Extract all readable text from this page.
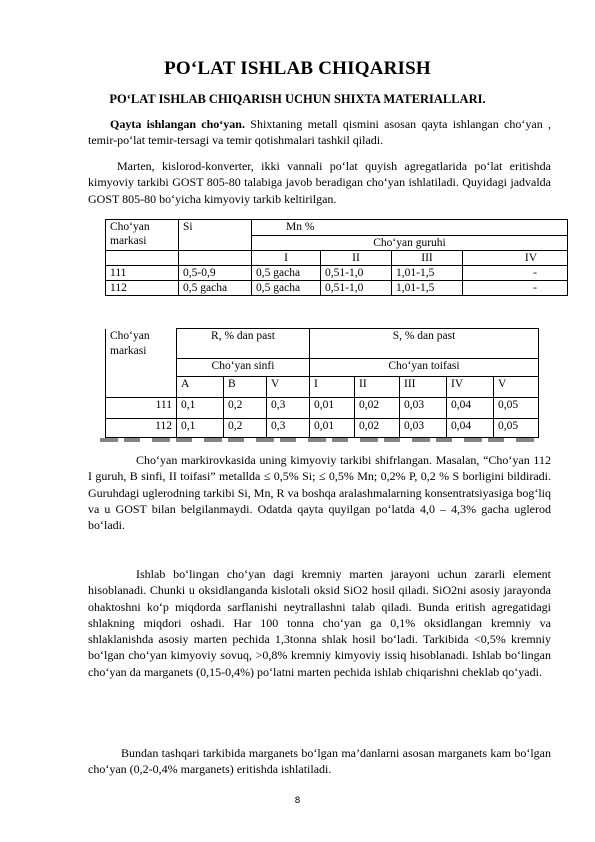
PO‘LAT ISHLAB CHIQARISH
PO‘LAT ISHLAB CHIQARISH UCHUN SHIXTA MATERIALLARI.

Qayta ishlangan cho‘yan. Shixtaning metall qismini asosan qayta ishlangan cho‘yan , temir-po‘lat temir-tersagi va temir qotishmalari tashkil qiladi.

Marten, kislorod-konverter, ikki vannali po‘lat quyish agregatlarida po‘lat eritishda kimyoviy tarkibi GOST 805-80 talabiga javob beradigan cho‘yan ishlatiladi. Quyidagi jadvalda GOST 805-80 bo‘yicha kimyoviy tarkib keltirilgan.

Cho‘yan markasi	Si	Mn %			
		Cho‘yan guruhi			
		I	II	III	IV
111	0,5-0,9	0,5 gacha	0,51-1,0	1,01-1,5	-
112	0,5 gacha	0,5 gacha	0,51-1,0	1,01-1,5	-
Cho‘yan markasi	R, % dan past			S, % dan past				
	Cho‘yan sinfi			Cho‘yan toifasi				
	A	B	V	I	II	III	IV	V
111	0,1	0,2	0,3	0,01	0,02	0,03	0,04	0,05
112	0,1	0,2	0,3	0,01	0,02	0,03	0,04	0,05

Cho‘yan markirovkasida uning kimyoviy tarkibi shifrlangan. Masalan, “Cho‘yan 112 I guruh, B sinfi, II toifasi” metallda ≤ 0,5% Si; ≤ 0,5% Mn; 0,2% P, 0,2 % S borligini bildiradi. Guruhdagi uglerodning tarkibi Si, Mn, R va boshqa aralashmalarning konsentratsiyasiga bog‘liq va u GOST bilan belgilanmaydi. Odatda qayta quyilgan po‘latda 4,0 – 4,3% gacha uglerod bo‘ladi.

Ishlab bo‘lingan cho‘yan dagi kremniy marten jarayoni uchun zararli element hisoblanadi. Chunki u oksidlanganda kislotali oksid SiO2 hosil qiladi. SiO2ni asosiy jarayonda ohaktoshni ko‘p miqdorda sarflanishi neytrallashni talab qiladi. Bunda eritish agregatidagi shlakning miqdori oshadi. Har 100 tonna cho‘yan ga 0,1% oksidlangan kremniy va shlaklanishda asosiy marten pechida 1,3tonna shlak hosil bo‘ladi. Tarkibida <0,5% kremniy bo‘lgan cho‘yan kimyoviy sovuq, >0,8% kremniy kimyoviy issiq hisoblanadi. Ishlab bo‘lingan cho‘yan da marganets (0,15-0,4%) po‘latni marten pechida ishlab chiqarishni cheklab qo‘yadi.

Bundan tashqari tarkibida marganets bo‘lgan ma’danlarni asosan marganets kam bo‘lgan cho‘yan (0,2-0,4% marganets) eritishda ishlatiladi.

8
